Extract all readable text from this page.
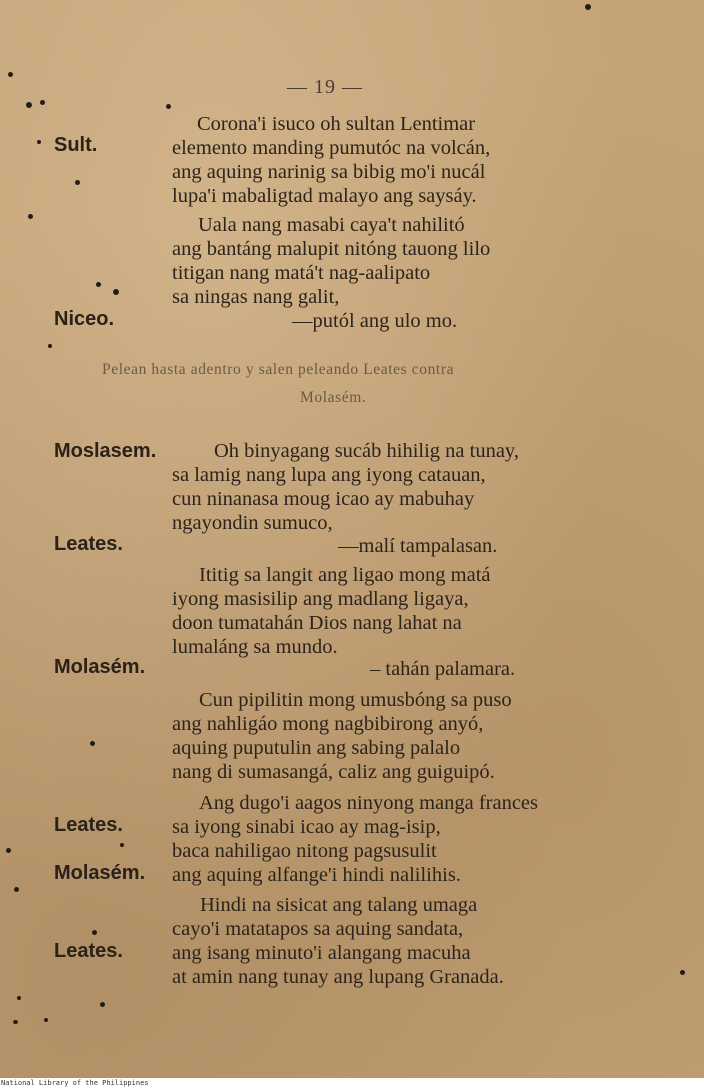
— 19 —
Sult.
Corona'i isuco oh sultan Lentimar
elemento manding pumutóc na volcán,
ang aquing narinig sa bibig mo'i nucál
lupa'i mabaligtad malayo ang saysáy.
Uala nang masabi caya't nahilitó
ang bantáng malupit nitóng tauong lilo
titigan nang matá't nag-aalipato
sa ningas nang galit,
Niceo.	—putól ang ulo mo.
Pelean hasta adentro y salen peleando Leates contra
Molasém.
Moslasem.	Oh binyagang sucáb hihilig na tunay,
sa lamig nang lupa ang iyong catauan,
cun ninanasa moug icao ay mabuhay
ngayondin sumuco,
Leates.	—malí tampalasan.
Ititig sa langit ang ligao mong matá
iyong masisilip ang madlang ligaya,
doon tumatahán Dios nang lahat na
lumaláng sa mundo.
Molasém.	– tahán palamara.
Cun pipilitin mong umusbóng sa puso
ang nahligáo mong nagbibirong anyó,
aquing puputulin ang sabing palalo
nang di sumasangá, caliz ang guiguipó.
Ang dugo'i aagos ninyong manga frances
Leates. sa iyong sinabi icao ay mag-isip,
baca nahiligao nitong pagsusulit
Molasém. ang aquing alfange'i hindi nalilihis.
Hindi na sisicat ang talang umaga
cayo'i matatapos sa aquing sandata,
Leates. ang isang minuto'i alangang macuha
at amin nang tunay ang lupang Granada.
National Library of the Philippines
